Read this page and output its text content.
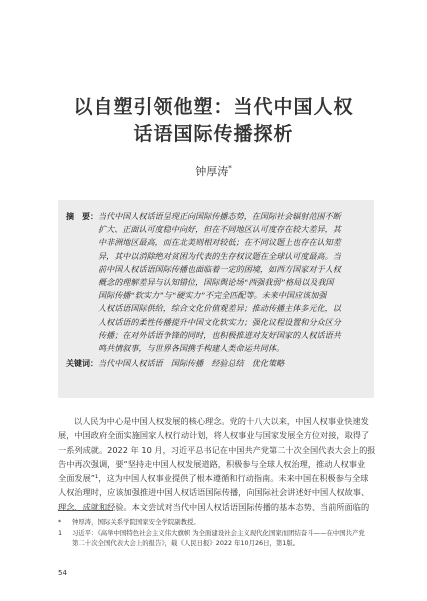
以自塑引领他塑：当代中国人权
话语国际传播探析
钟厚涛*
摘　要：当代中国人权话语呈现正向国际传播态势，在国际社会辐射范围不断
扩大、正面认可度稳中向好，但在不同地区认可度存在较大差异，其
中非洲地区最高，而在北美则相对较低；在不同议题上也存在认知差
异，其中以消除绝对贫困为代表的生存权议题在全球认可度最高。当
前中国人权话语国际传播也面临着一定的困境，如西方国家对于人权
概念的理解差异与认知错位，国际舆论场“西强我弱”格局以及我国
国际传播“软实力”与“硬实力”不完全匹配等。未来中国应该加强
人权话语国际供给，综合文化价值观差异；推动传播主体多元化，以
人权话语的柔性传播提升中国文化软实力；强化议程设置和分众区分
传播；在对外话语争锋的同时，也积极推进对友好国家的人权话语共
鸣共情叙事，与世界各国携手构建人类命运共同体。
关键词：当代中国人权话语　国际传播　经验总结　优化策略
以人民为中心是中国人权发展的核心理念。党的十八大以来，中国人权事业快速发
展，中国政府全面实施国家人权行动计划，将人权事业与国家发展全方位对接，取得了
一系列成就。2022 年 10 月，习近平总书记在中国共产党第二十次全国代表大会上的报
告中再次强调，要“坚持走中国人权发展道路，积极参与全球人权治理，推动人权事业
全面发展”¹，这为中国人权事业提供了根本遵循和行动指南。未来中国在积极参与全球
人权治理时，应该加强推进中国人权话语国际传播，向国际社会讲述好中国人权故事、
理念、成就和经验。本文尝试对当代中国人权话语国际传播的基本态势、当前所面临的
* 钟厚涛，国际关系学院国家安全学院副教授。
1 习近平：《高举中国特色社会主义伟大旗帜 为全面建设社会主义现代化国家而团结奋斗——在中国共产党
第二十次全国代表大会上的报告》，载《人民日报》2022 年10月26日，第1版。
54
